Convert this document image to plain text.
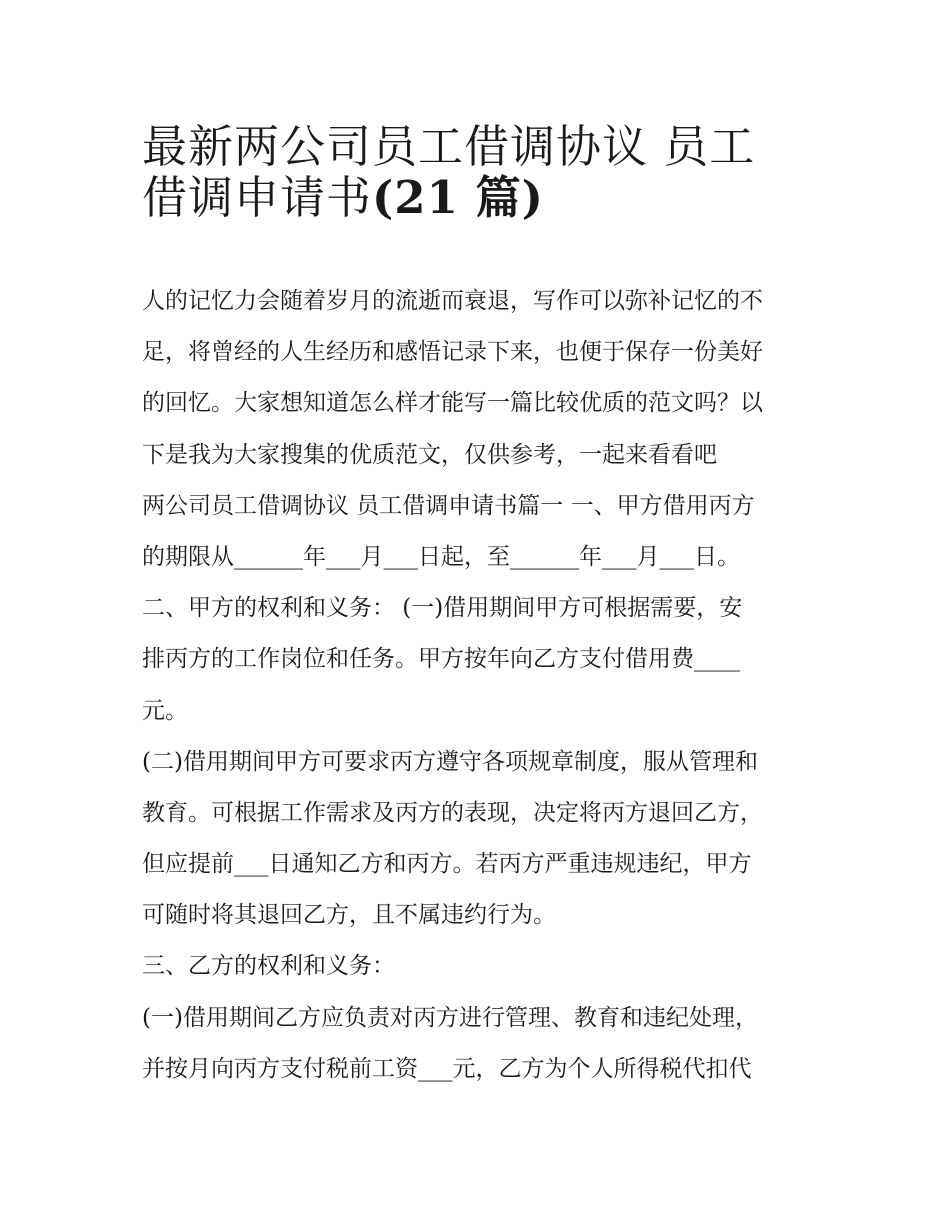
最新两公司员工借调协议 员工
借调申请书(21 篇)
人的记忆力会随着岁月的流逝而衰退，写作可以弥补记忆的不
足，将曾经的人生经历和感悟记录下来，也便于保存一份美好
的回忆。大家想知道怎么样才能写一篇比较优质的范文吗？以
下是我为大家搜集的优质范文，仅供参考，一起来看看吧
两公司员工借调协议 员工借调申请书篇一 一、甲方借用丙方
的期限从______年___月___日起，至______年___月___日。
二、甲方的权利和义务： (一)借用期间甲方可根据需要，安
排丙方的工作岗位和任务。甲方按年向乙方支付借用费____
元。
(二)借用期间甲方可要求丙方遵守各项规章制度，服从管理和
教育。可根据工作需求及丙方的表现，决定将丙方退回乙方，
但应提前___日通知乙方和丙方。若丙方严重违规违纪，甲方
可随时将其退回乙方，且不属违约行为。
三、乙方的权利和义务：
(一)借用期间乙方应负责对丙方进行管理、教育和违纪处理，
并按月向丙方支付税前工资___元，乙方为个人所得税代扣代
